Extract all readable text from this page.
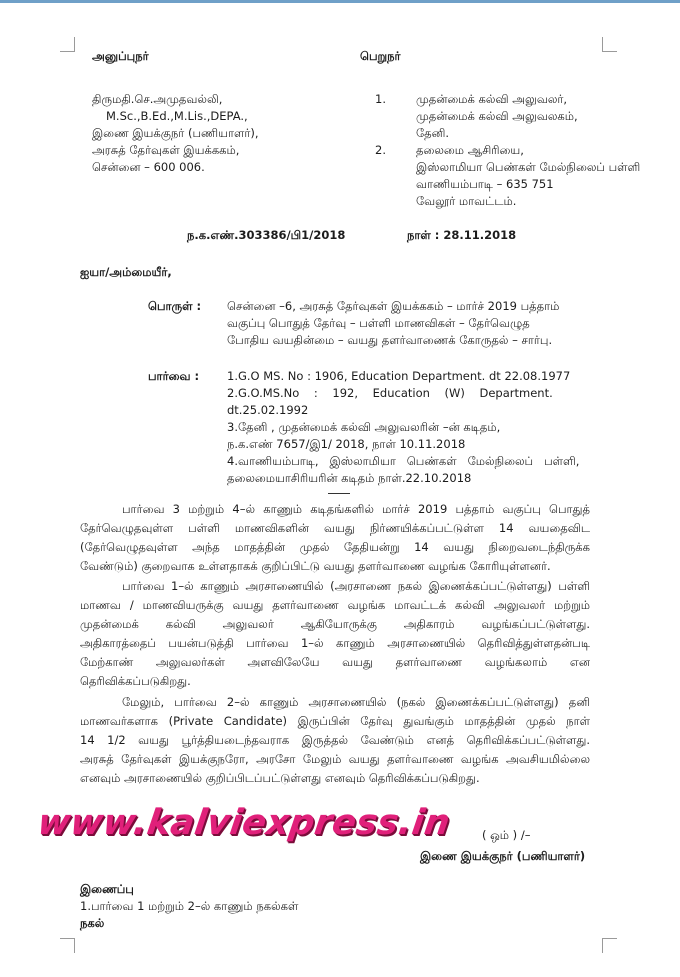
அனுப்புநர்
திருமதி.செ.அமுதவல்லி,
M.Sc.,B.Ed.,M.Lis.,DEPA.,
இணை இயக்குநர் (பணியாளர்),
அரசுத் தேர்வுகள் இயக்ககம்,
சென்னை – 600 006.
பெறுநர்
1.	முதன்மைக் கல்வி அலுவலர்,
முதன்மைக் கல்வி அலுவலகம்,
தேனி.
2.	தலைமை ஆசிரியை,
இஸ்லாமியா பெண்கள் மேல்நிலைப் பள்ளி
வாணியம்பாடி – 635 751
வேலூர் மாவட்டம்.
ந.க.எண்.303386/பி1/2018	நாள் : 28.11.2018
ஐயா/அம்மையீர்,
பொருள் : சென்னை –6, அரசுத் தேர்வுகள் இயக்ககம் – மார்ச் 2019 பத்தாம்
வகுப்பு பொதுத் தேர்வு – பள்ளி மாணவிகள் – தேர்வெழுத
போதிய வயதின்மை – வயது தளர்வாணைக் கோருதல் – சார்பு.
பார்வை : 1.G.O MS. No : 1906, Education Department. dt 22.08.1977
2.G.O.MS.No    :    192,    Education    (W)    Department.
dt.25.02.1992
3.தேனி , முதன்மைக் கல்வி அலுவலரின் –ன் கடிதம்,
ந.க.எண் 7657/இ1/ 2018, நாள் 10.11.2018
4.வாணியம்பாடி,   இஸ்லாமியா   பெண்கள்   மேல்நிலைப்   பள்ளி,
தலைமையாசிரியரின் கடிதம் நாள்.22.10.2018
பார்வை 3 மற்றும் 4–ல் காணும் கடிதங்களில் மார்ச் 2019 பத்தாம் வகுப்பு பொதுத்
தேர்வெழுதவுள்ள பள்ளி மாணவிகளின் வயது நிர்ணயிக்கப்பட்டுள்ள 14 வயதைவிட
(தேர்வெழுதவுள்ள அந்த மாதத்தின் முதல் தேதியன்று 14 வயது நிறைவடைந்திருக்க
வேண்டும்) குறைவாக உள்ளதாகக் குறிப்பிட்டு வயது தளர்வாணை வழங்க கோரியுள்ளனர்.
பார்வை 1–ல் காணும் அரசாணையில் (அரசாணை நகல் இணைக்கப்பட்டுள்ளது) பள்ளி
மாணவ / மாணவியருக்கு வயது தளர்வாணை வழங்க மாவட்டக் கல்வி அலுவலர் மற்றும்
முதன்மைக் கல்வி அலுவலர் ஆகியோருக்கு அதிகாரம் வழங்கப்பட்டுள்ளது.
அதிகாரத்தைப் பயன்படுத்தி பார்வை 1–ல் காணும் அரசாணையில் தெரிவித்துள்ளதன்படி
மேற்காண் அலுவலர்கள் அளவிலேயே வயது தளர்வாணை வழங்கலாம் என
தெரிவிக்கப்படுகிறது.
மேலும், பார்வை 2–ல் காணும் அரசாணையில் (நகல் இணைக்கப்பட்டுள்ளது) தனி
மாணவர்களாக (Private Candidate) இருப்பின் தேர்வு துவங்கும் மாதத்தின் முதல் நாள்
14 1/2 வயது பூர்த்தியடைந்தவராக இருத்தல் வேண்டும் எனத் தெரிவிக்கப்பட்டுள்ளது.
அரசுத் தேர்வுகள் இயக்குநரோ, அரசோ மேலும் வயது தளர்வாணை வழங்க அவசியமில்லை
எனவும் அரசாணையில் குறிப்பிடப்பட்டுள்ளது எனவும் தெரிவிக்கப்படுகிறது.
www.kalviexpress.in	( ஒம் ) /–
இணை இயக்குநர் (பணியாளர்)
இணைப்பு
1.பார்வை 1 மற்றும் 2–ல் காணும் நகல்கள்
நகல்
